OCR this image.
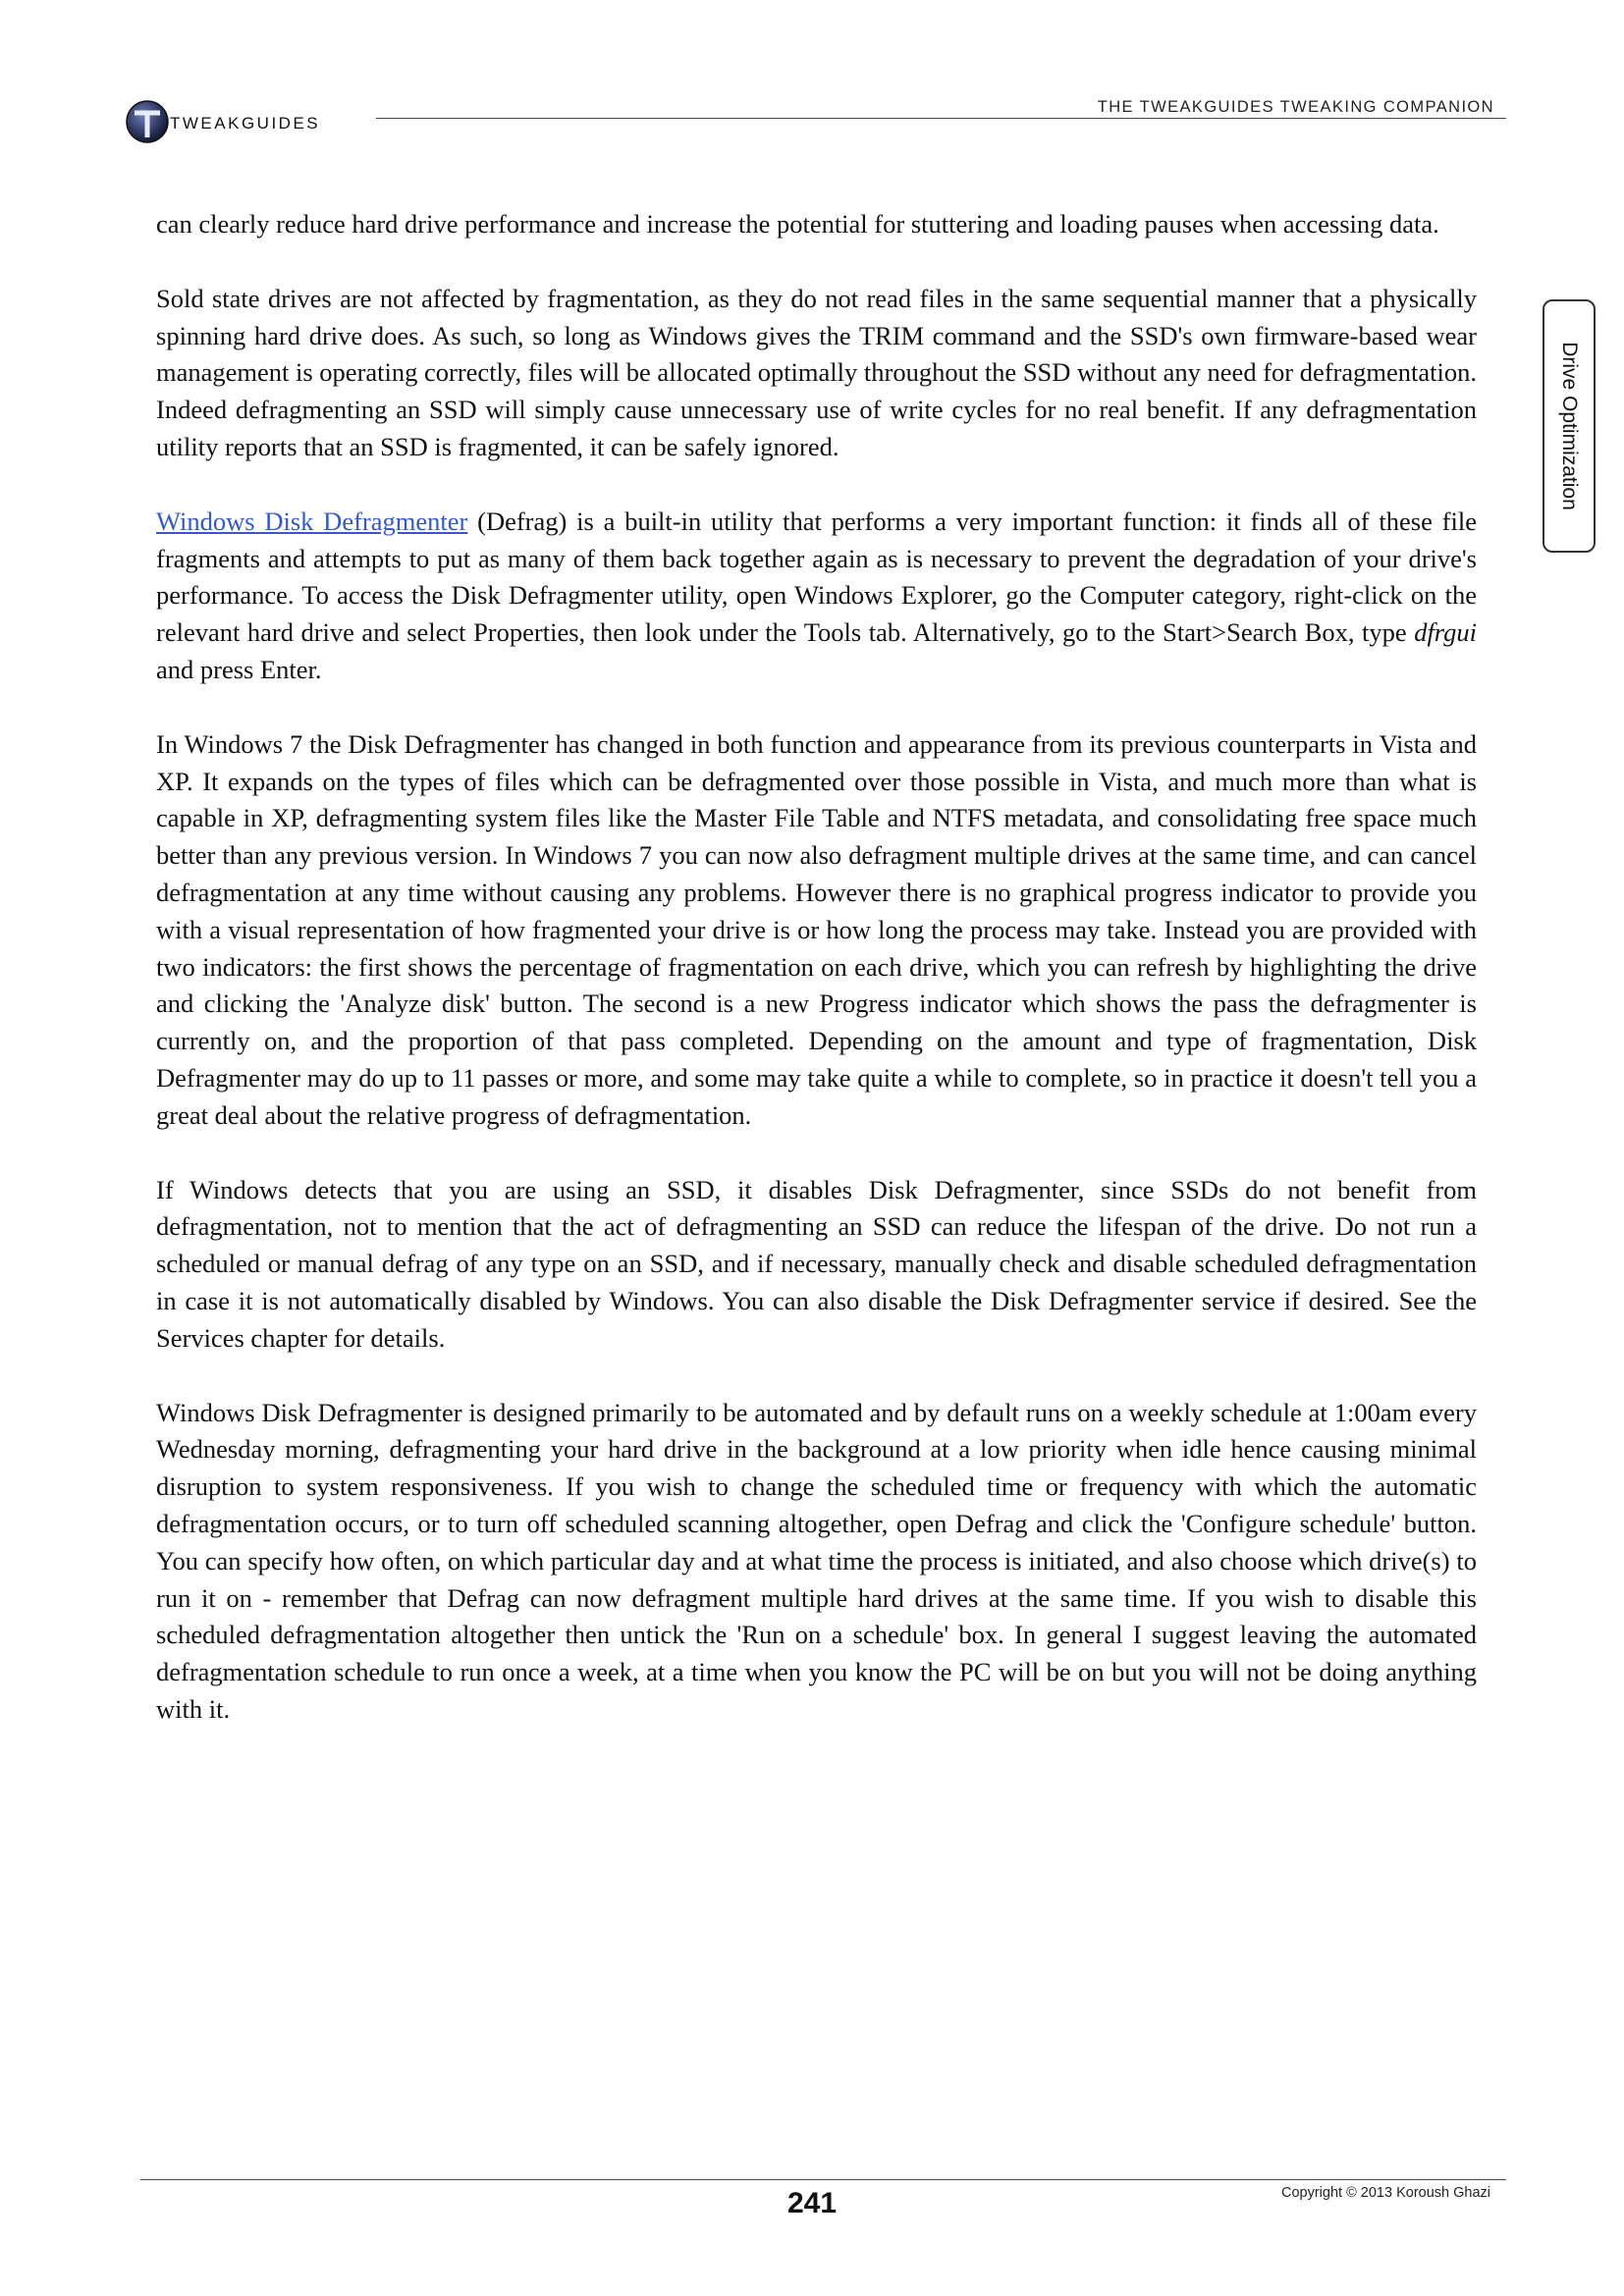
TWEAKGUIDES
THE TWEAKGUIDES TWEAKING COMPANION
Drive Optimization

can clearly reduce hard drive performance and increase the potential for stuttering and loading pauses when accessing data.

Sold state drives are not affected by fragmentation, as they do not read files in the same sequential manner that a physically spinning hard drive does. As such, so long as Windows gives the TRIM command and the SSD's own firmware-based wear management is operating correctly, files will be allocated optimally throughout the SSD without any need for defragmentation. Indeed defragmenting an SSD will simply cause unnecessary use of write cycles for no real benefit. If any defragmentation utility reports that an SSD is fragmented, it can be safely ignored.

Windows Disk Defragmenter (Defrag) is a built-in utility that performs a very important function: it finds all of these file fragments and attempts to put as many of them back together again as is necessary to prevent the degradation of your drive's performance. To access the Disk Defragmenter utility, open Windows Explorer, go the Computer category, right-click on the relevant hard drive and select Properties, then look under the Tools tab. Alternatively, go to the Start>Search Box, type dfrgui and press Enter.

In Windows 7 the Disk Defragmenter has changed in both function and appearance from its previous counterparts in Vista and XP. It expands on the types of files which can be defragmented over those possible in Vista, and much more than what is capable in XP, defragmenting system files like the Master File Table and NTFS metadata, and consolidating free space much better than any previous version. In Windows 7 you can now also defragment multiple drives at the same time, and can cancel defragmentation at any time without causing any problems. However there is no graphical progress indicator to provide you with a visual representation of how fragmented your drive is or how long the process may take. Instead you are provided with two indicators: the first shows the percentage of fragmentation on each drive, which you can refresh by highlighting the drive and clicking the 'Analyze disk' button. The second is a new Progress indicator which shows the pass the defragmenter is currently on, and the proportion of that pass completed. Depending on the amount and type of fragmentation, Disk Defragmenter may do up to 11 passes or more, and some may take quite a while to complete, so in practice it doesn't tell you a great deal about the relative progress of defragmentation.

If Windows detects that you are using an SSD, it disables Disk Defragmenter, since SSDs do not benefit from defragmentation, not to mention that the act of defragmenting an SSD can reduce the lifespan of the drive. Do not run a scheduled or manual defrag of any type on an SSD, and if necessary, manually check and disable scheduled defragmentation in case it is not automatically disabled by Windows. You can also disable the Disk Defragmenter service if desired. See the Services chapter for details.

Windows Disk Defragmenter is designed primarily to be automated and by default runs on a weekly schedule at 1:00am every Wednesday morning, defragmenting your hard drive in the background at a low priority when idle hence causing minimal disruption to system responsiveness. If you wish to change the scheduled time or frequency with which the automatic defragmentation occurs, or to turn off scheduled scanning altogether, open Defrag and click the 'Configure schedule' button. You can specify how often, on which particular day and at what time the process is initiated, and also choose which drive(s) to run it on - remember that Defrag can now defragment multiple hard drives at the same time. If you wish to disable this scheduled defragmentation altogether then untick the 'Run on a schedule' box. In general I suggest leaving the automated defragmentation schedule to run once a week, at a time when you know the PC will be on but you will not be doing anything with it.

241	Copyright © 2013 Koroush Ghazi
